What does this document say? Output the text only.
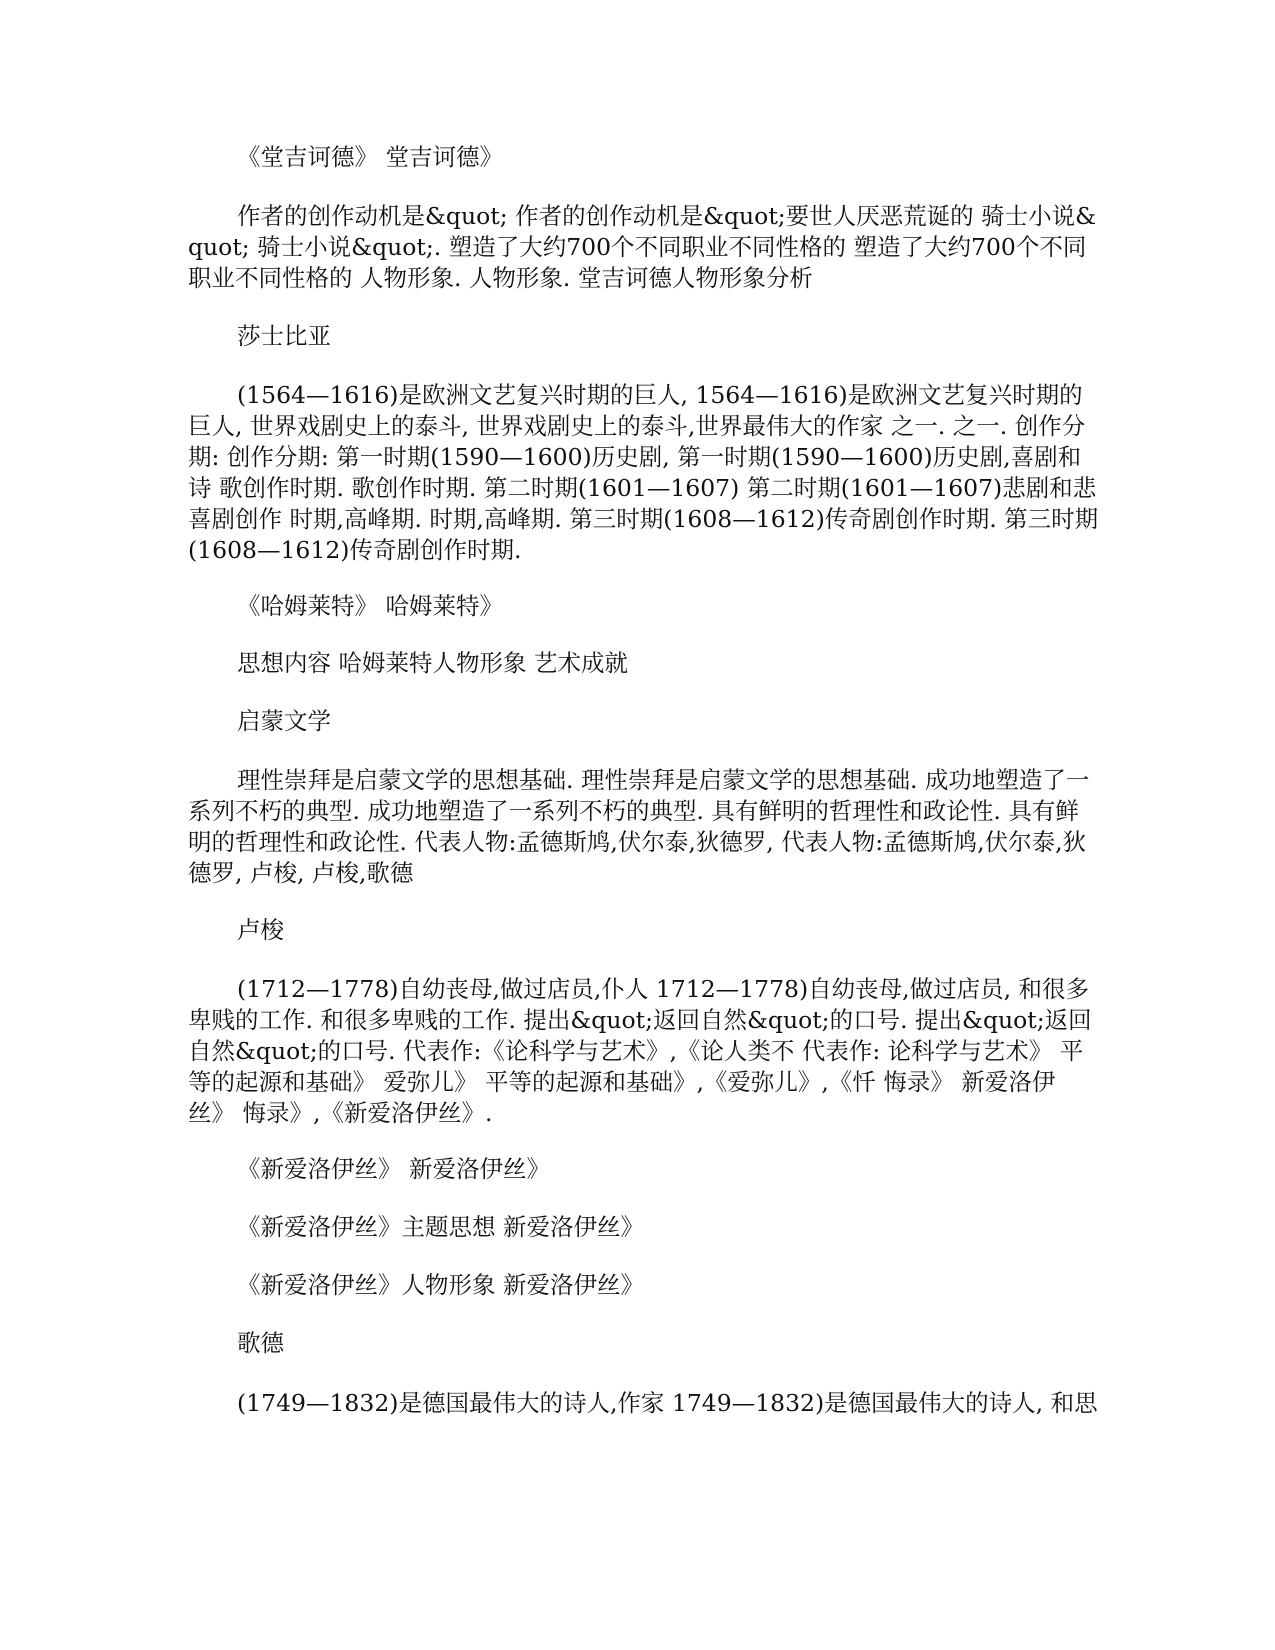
《堂吉诃德》 堂吉诃德》

作者的创作动机是&quot; 作者的创作动机是&quot;要世人厌恶荒诞的 骑士小说&quot; 骑士小说&quot;. 塑造了大约700个不同职业不同性格的 塑造了大约700个不同职业不同性格的 人物形象. 人物形象. 堂吉诃德人物形象分析

莎士比亚

(1564—1616)是欧洲文艺复兴时期的巨人, 1564—1616)是欧洲文艺复兴时期的巨人, 世界戏剧史上的泰斗, 世界戏剧史上的泰斗,世界最伟大的作家 之一. 之一. 创作分期: 创作分期: 第一时期(1590—1600)历史剧, 第一时期(1590—1600)历史剧,喜剧和诗 歌创作时期. 歌创作时期. 第二时期(1601—1607) 第二时期(1601—1607)悲剧和悲喜剧创作 时期,高峰期. 时期,高峰期. 第三时期(1608—1612)传奇剧创作时期. 第三时期(1608—1612)传奇剧创作时期.

《哈姆莱特》 哈姆莱特》

思想内容 哈姆莱特人物形象 艺术成就

启蒙文学

理性崇拜是启蒙文学的思想基础. 理性崇拜是启蒙文学的思想基础. 成功地塑造了一系列不朽的典型. 成功地塑造了一系列不朽的典型. 具有鲜明的哲理性和政论性. 具有鲜明的哲理性和政论性. 代表人物:孟德斯鸠,伏尔泰,狄德罗, 代表人物:孟德斯鸠,伏尔泰,狄德罗, 卢梭, 卢梭,歌德

卢梭

(1712—1778)自幼丧母,做过店员,仆人 1712—1778)自幼丧母,做过店员, 和很多卑贱的工作. 和很多卑贱的工作. 提出&quot;返回自然&quot;的口号. 提出&quot;返回自然&quot;的口号. 代表作:《论科学与艺术》,《论人类不 代表作: 论科学与艺术》 平等的起源和基础》 爱弥儿》 平等的起源和基础》,《爱弥儿》,《忏 悔录》 新爱洛伊丝》 悔录》,《新爱洛伊丝》.

《新爱洛伊丝》 新爱洛伊丝》

《新爱洛伊丝》主题思想 新爱洛伊丝》

《新爱洛伊丝》人物形象 新爱洛伊丝》

歌德

(1749—1832)是德国最伟大的诗人,作家 1749—1832)是德国最伟大的诗人, 和思
